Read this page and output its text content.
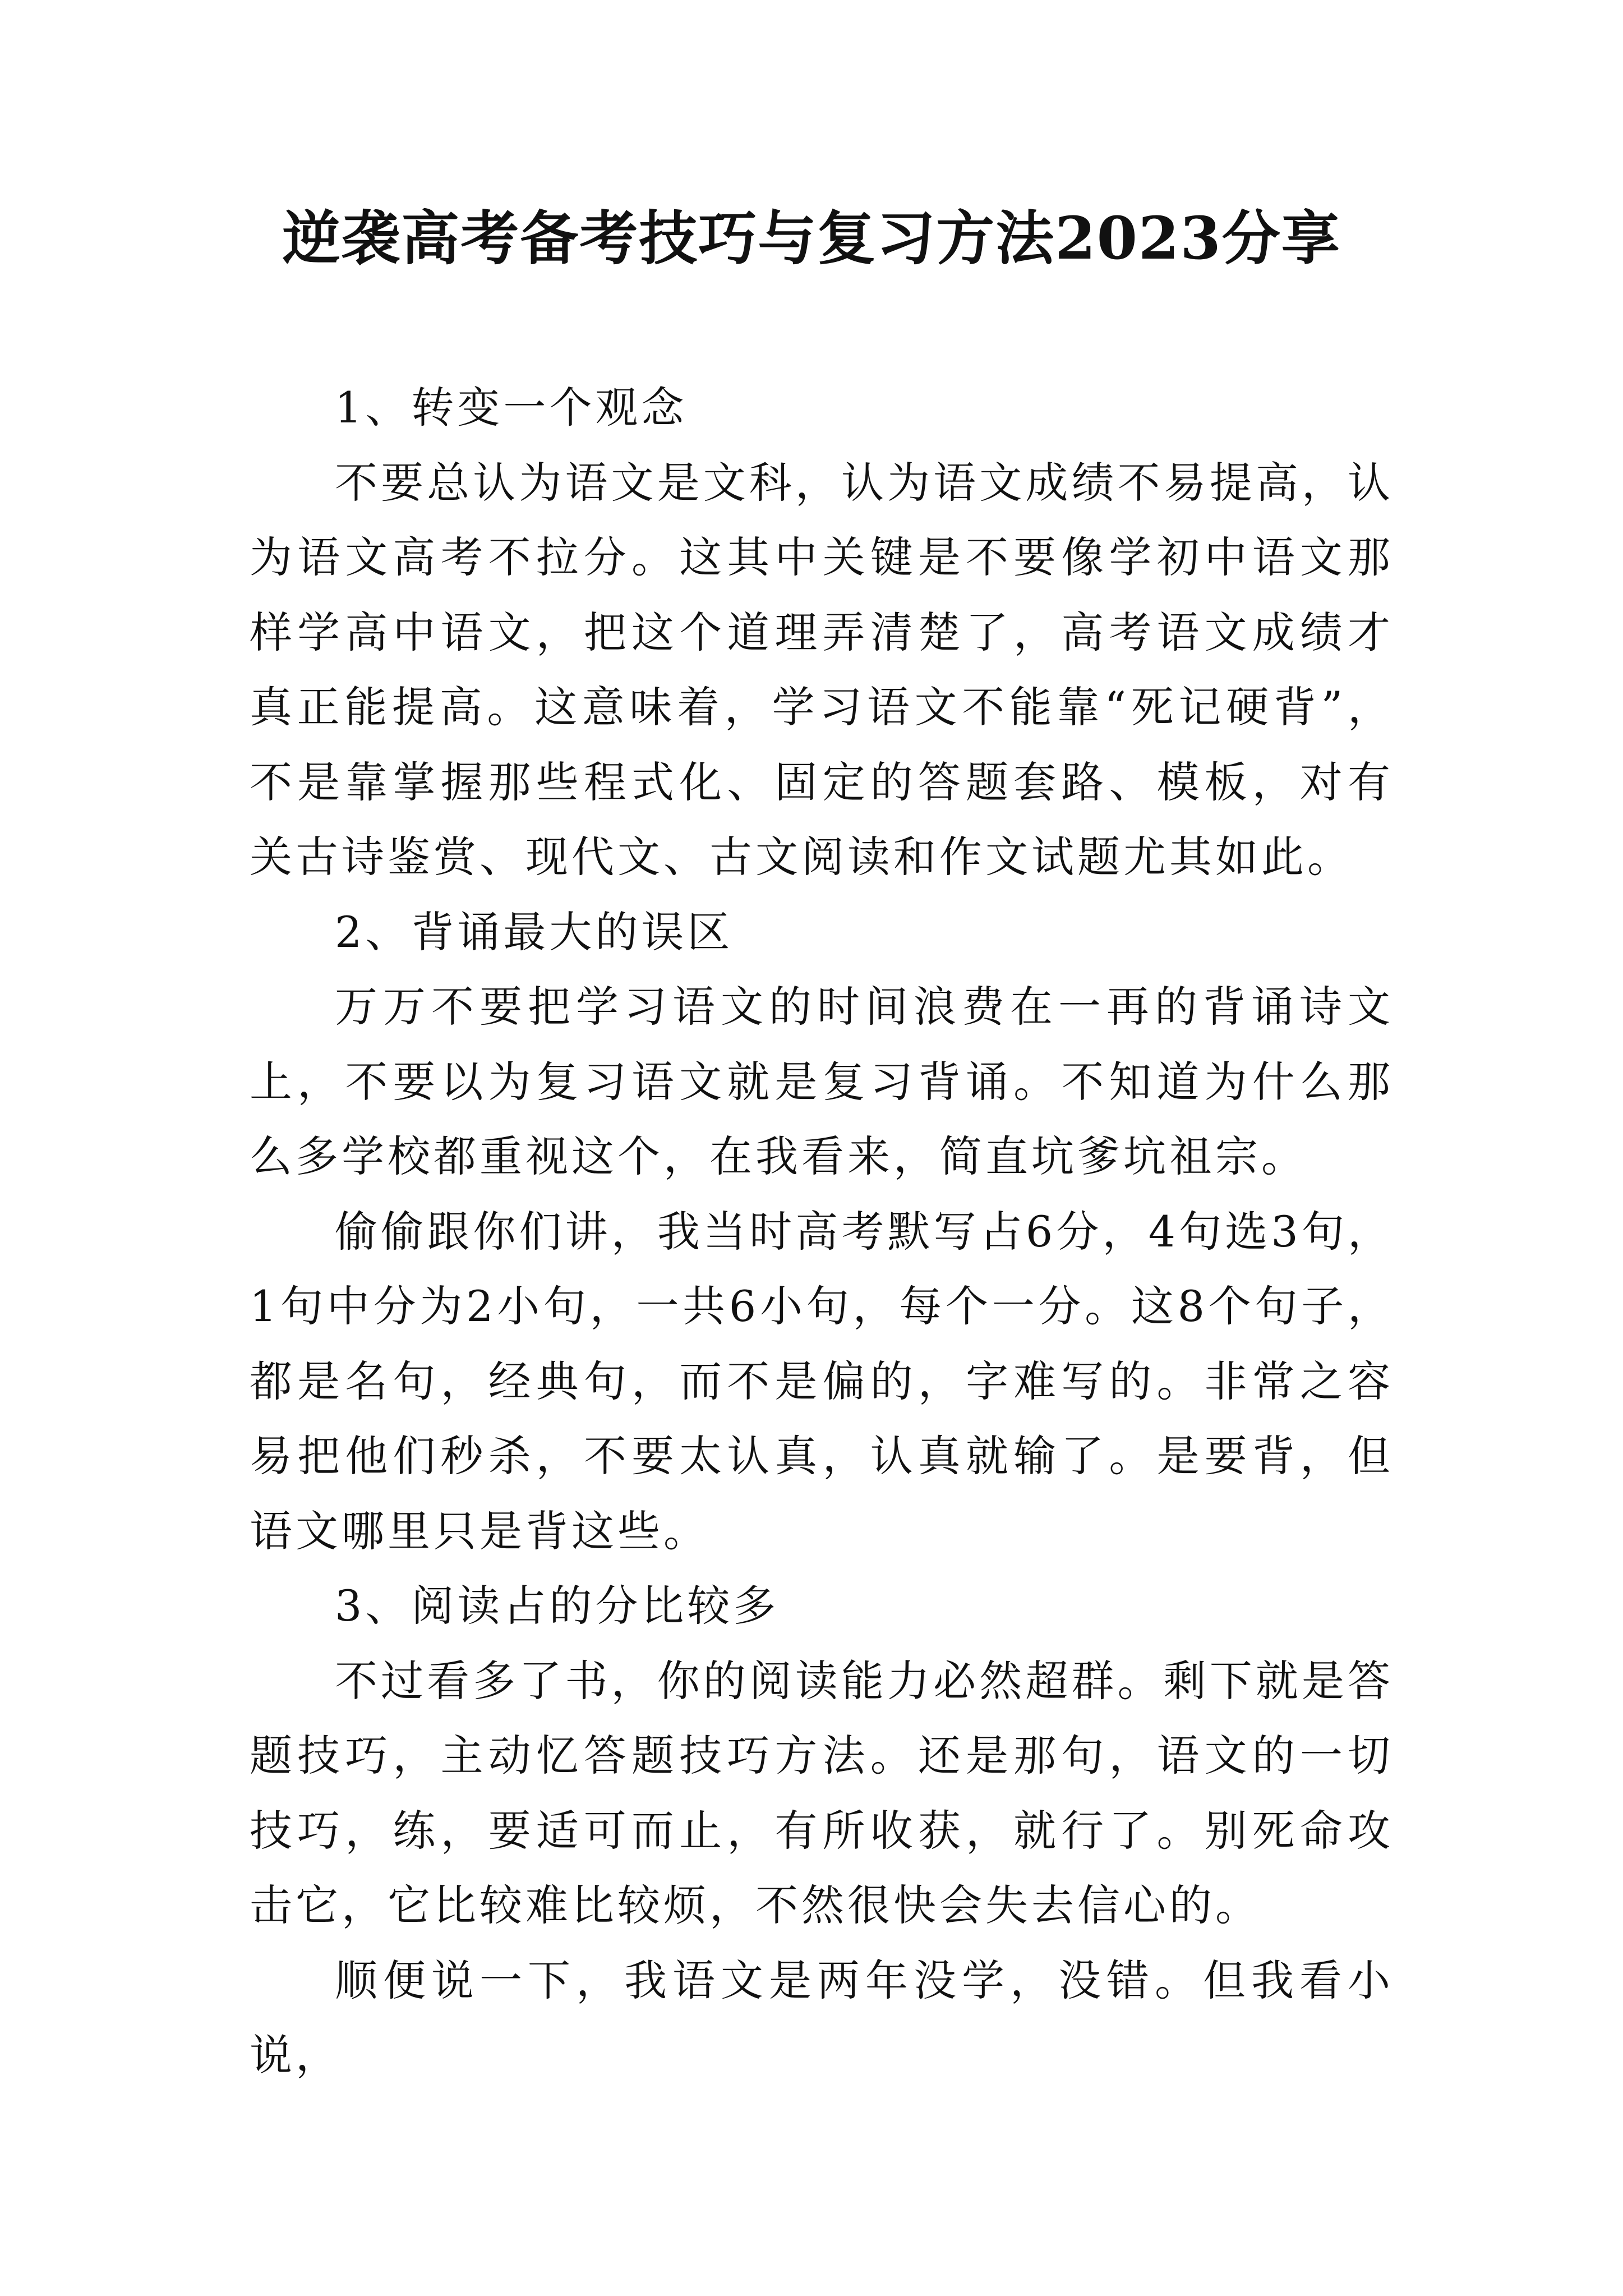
逆袭高考备考技巧与复习方法2023分享

1、转变一个观念

不要总认为语文是文科，认为语文成绩不易提高，认为语文高考不拉分。这其中关键是不要像学初中语文那样学高中语文，把这个道理弄清楚了，高考语文成绩才真正能提高。这意味着，学习语文不能靠“死记硬背”，不是靠掌握那些程式化、固定的答题套路、模板，对有关古诗鉴赏、现代文、古文阅读和作文试题尤其如此。

2、背诵最大的误区

万万不要把学习语文的时间浪费在一再的背诵诗文上，不要以为复习语文就是复习背诵。不知道为什么那么多学校都重视这个，在我看来，简直坑爹坑祖宗。

偷偷跟你们讲，我当时高考默写占6分，4句选3句，1句中分为2小句，一共6小句，每个一分。这8个句子，都是名句，经典句，而不是偏的，字难写的。非常之容易把他们秒杀，不要太认真，认真就输了。是要背，但语文哪里只是背这些。

3、阅读占的分比较多

不过看多了书，你的阅读能力必然超群。剩下就是答题技巧，主动忆答题技巧方法。还是那句，语文的一切技巧，练，要适可而止，有所收获，就行了。别死命攻击它，它比较难比较烦，不然很快会失去信心的。

顺便说一下，我语文是两年没学，没错。但我看小说，
